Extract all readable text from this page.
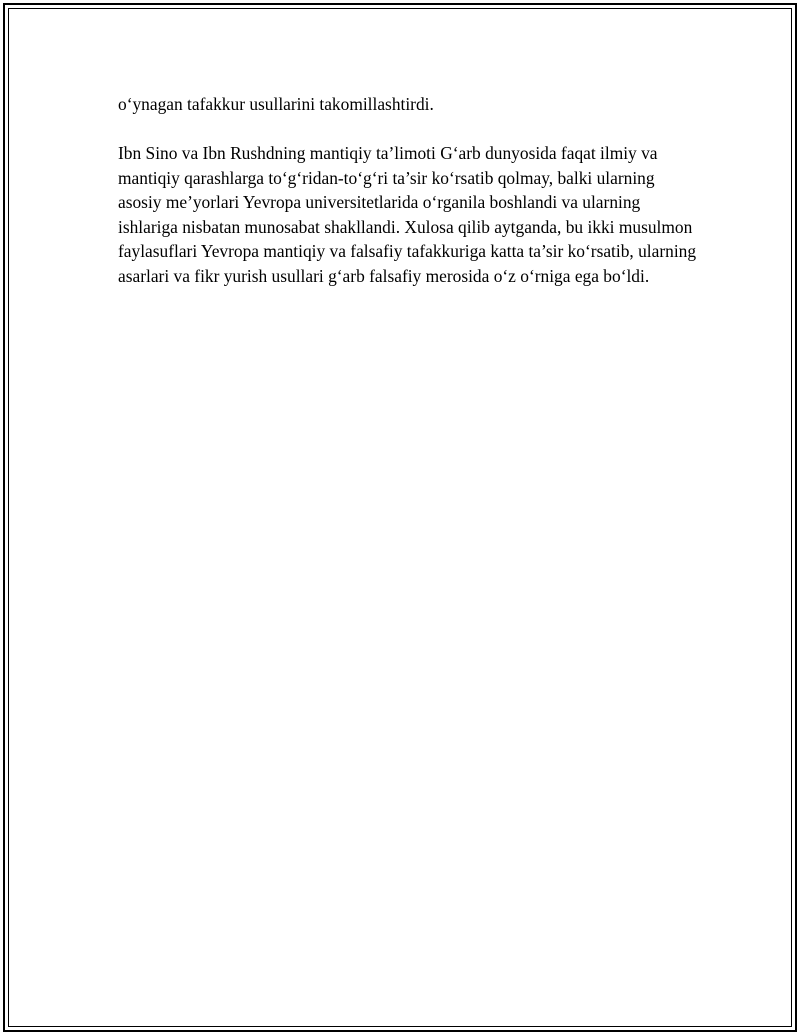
o‘ynagan tafakkur usullarini takomillashtirdi.

Ibn Sino va Ibn Rushdning mantiqiy ta’limoti G‘arb dunyosida faqat ilmiy va mantiqiy qarashlarga to‘g‘ridan-to‘g‘ri ta’sir ko‘rsatib qolmay, balki ularning asosiy me’yorlari Yevropa universitetlarida o‘rganila boshlandi va ularning ishlariga nisbatan munosabat shakllandi. Xulosa qilib aytganda, bu ikki musulmon faylasuflari Yevropa mantiqiy va falsafiy tafakkuriga katta ta’sir ko‘rsatib, ularning asarlari va fikr yurish usullari g‘arb falsafiy merosida o‘z o‘rniga ega bo‘ldi.
